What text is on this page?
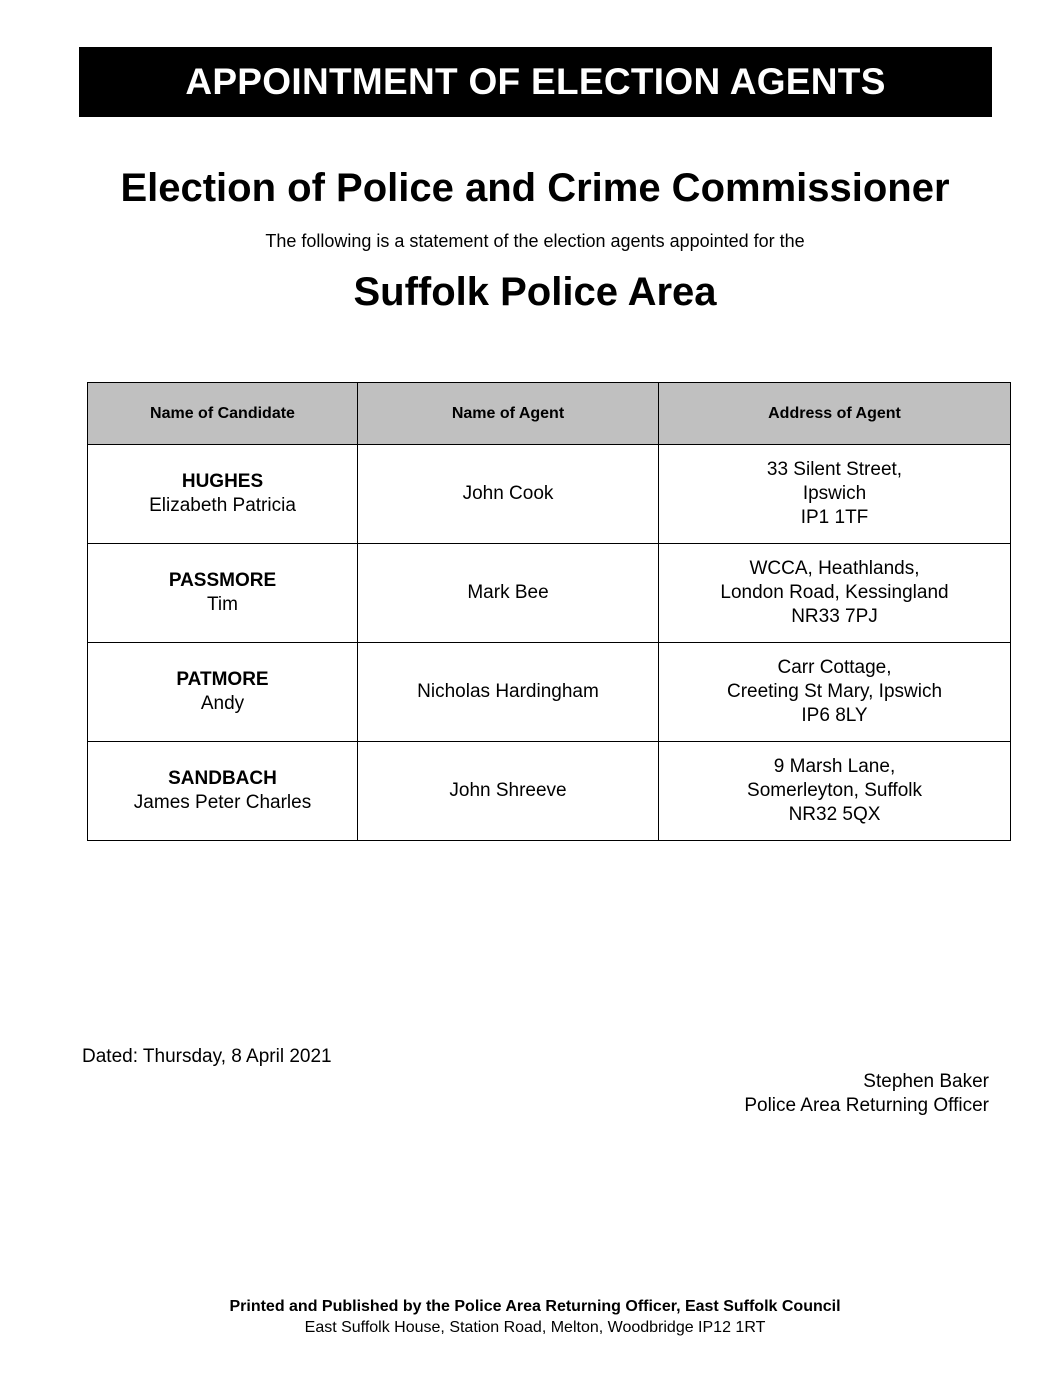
APPOINTMENT OF ELECTION AGENTS
Election of Police and Crime Commissioner
The following is a statement of the election agents appointed for the
Suffolk Police Area
Name of Candidate	Name of Agent	Address of Agent

HUGHES
Elizabeth Patricia	John Cook	33 Silent Street,
Ipswich
IP1 1TF

PASSMORE
Tim	Mark Bee	WCCA, Heathlands,
London Road, Kessingland
NR33 7PJ

PATMORE
Andy	Nicholas Hardingham	Carr Cottage,
Creeting St Mary, Ipswich
IP6 8LY

SANDBACH
James Peter Charles	John Shreeve	9 Marsh Lane,
Somerleyton, Suffolk
NR32 5QX
Dated: Thursday, 8 April 2021
Stephen Baker
Police Area Returning Officer
Printed and Published by the Police Area Returning Officer, East Suffolk Council
East Suffolk House, Station Road, Melton, Woodbridge IP12 1RT
